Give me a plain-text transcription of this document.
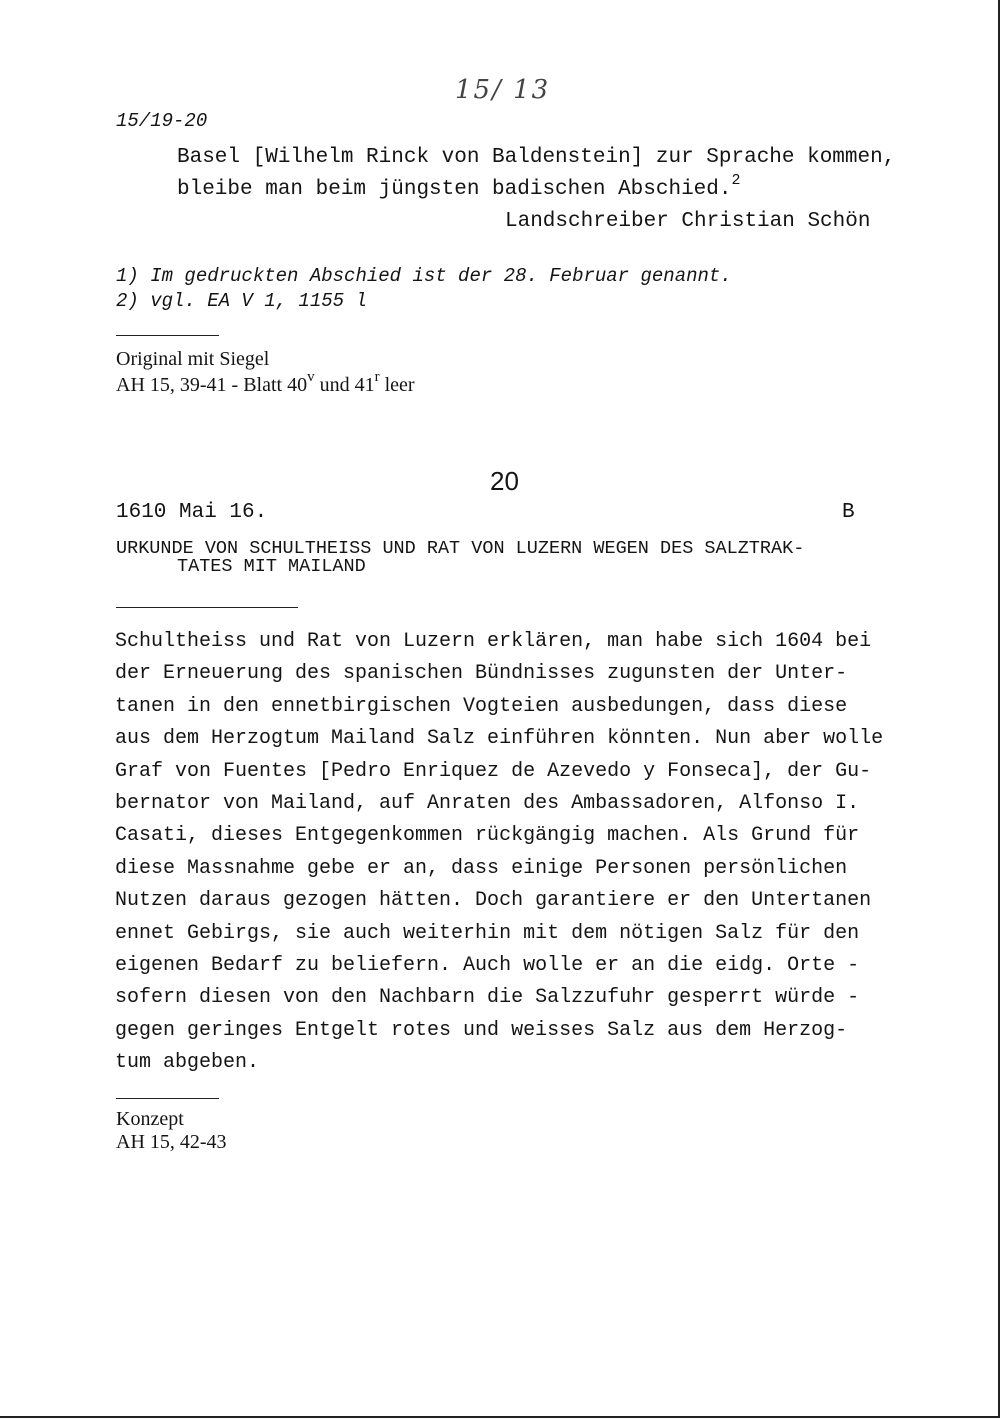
15/19-20
15/ 13
Basel [Wilhelm Rinck von Baldenstein] zur Sprache kommen,
bleibe man beim jüngsten badischen Abschied.$^2$
Landschreiber Christian Schön
1) Im gedruckten Abschied ist der 28. Februar genannt.
2) vgl. EA V 1, 1155 l
Original mit Siegel
AH 15, 39-41 - Blatt 40$^v$ und 41$^r$ leer
20
1610 Mai 16.	B
URKUNDE VON SCHULTHEISS UND RAT VON LUZERN WEGEN DES SALZTRAK-
TATES MIT MAILAND
Schultheiss und Rat von Luzern erklären, man habe sich 1604 bei
der Erneuerung des spanischen Bündnisses zugunsten der Unter-
tanen in den ennetbirgischen Vogteien ausbedungen, dass diese
aus dem Herzogtum Mailand Salz einführen könnten. Nun aber wolle
Graf von Fuentes [Pedro Enriquez de Azevedo y Fonseca], der Gu-
bernator von Mailand, auf Anraten des Ambassadoren, Alfonso I.
Casati, dieses Entgegenkommen rückgängig machen. Als Grund für
diese Massnahme gebe er an, dass einige Personen persönlichen
Nutzen daraus gezogen hätten. Doch garantiere er den Untertanen
ennet Gebirgs, sie auch weiterhin mit dem nötigen Salz für den
eigenen Bedarf zu beliefern. Auch wolle er an die eidg. Orte -
sofern diesen von den Nachbarn die Salzzufuhr gesperrt würde -
gegen geringes Entgelt rotes und weisses Salz aus dem Herzog-
tum abgeben.
Konzept
AH 15, 42-43
